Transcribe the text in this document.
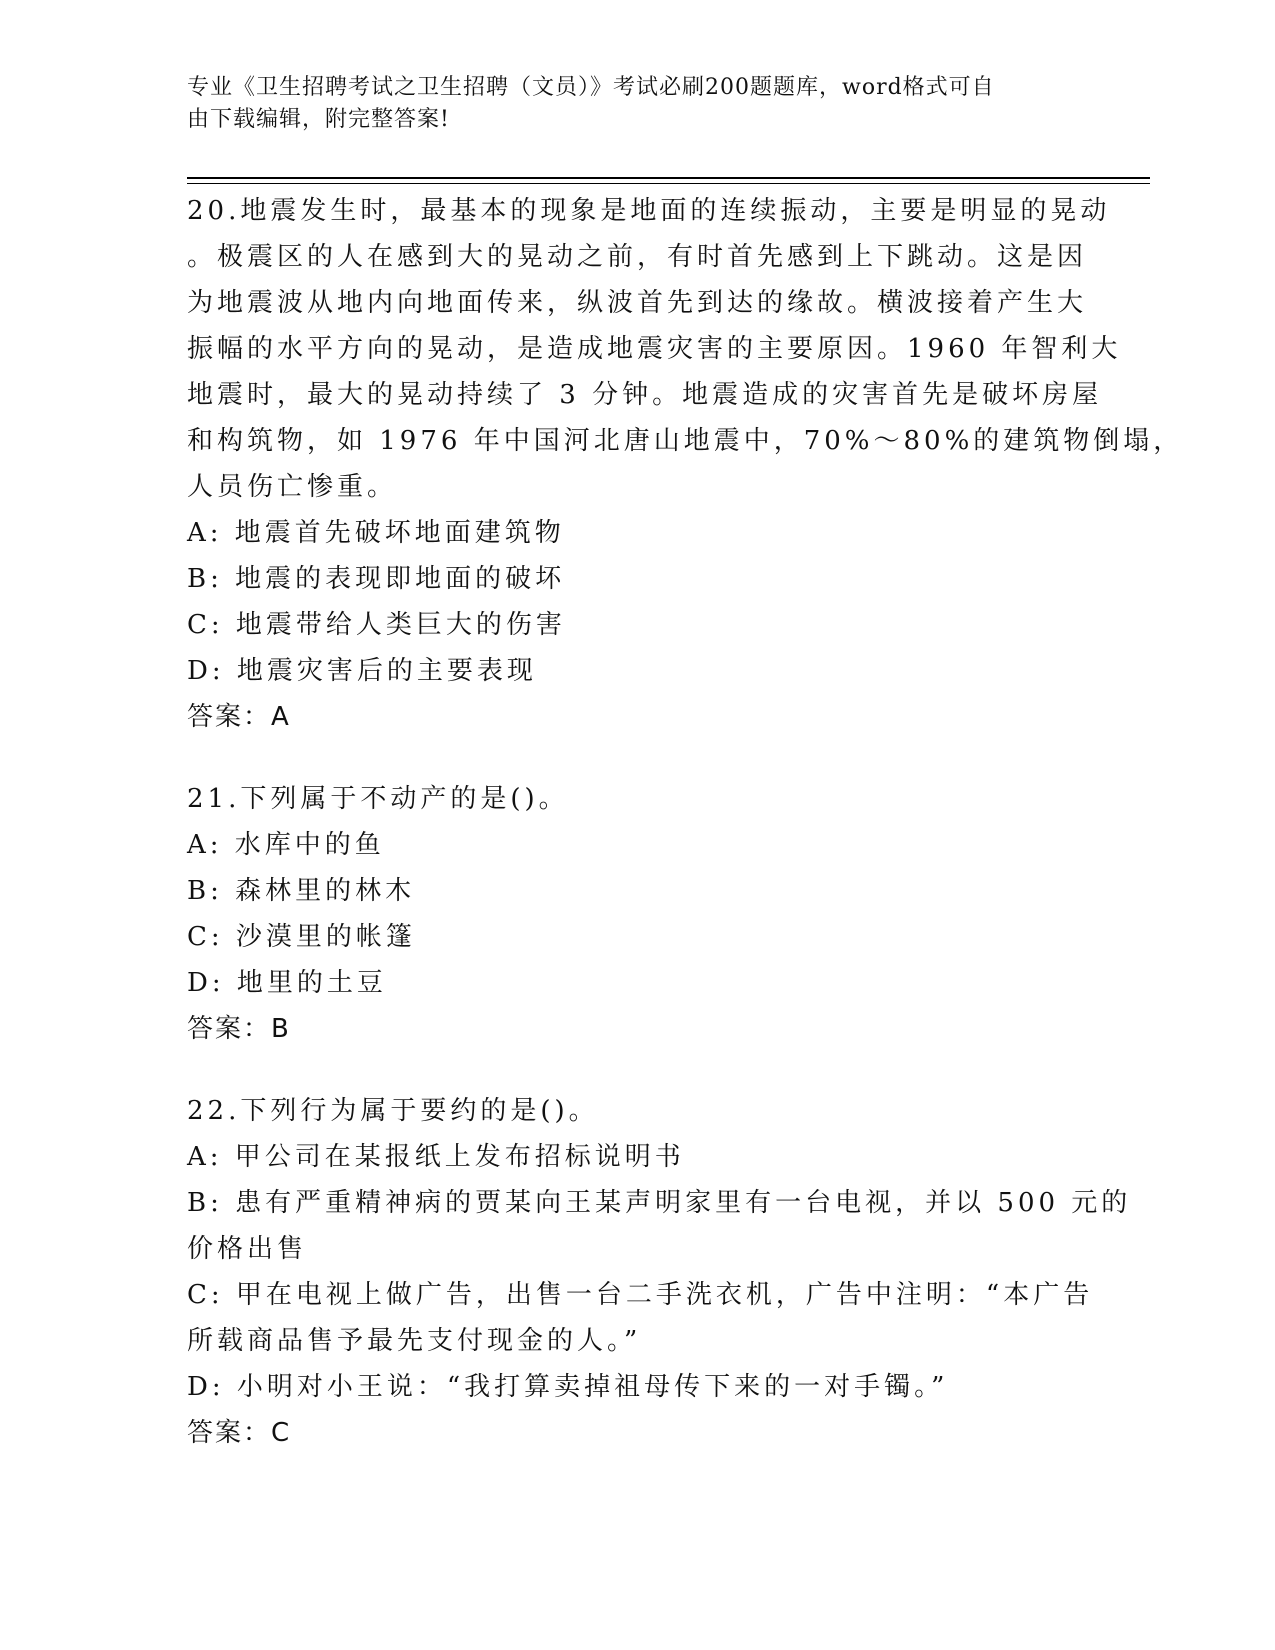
专业《卫生招聘考试之卫生招聘（文员）》考试必刷200题题库，word格式可自
由下载编辑，附完整答案!
20.地震发生时，最基本的现象是地面的连续振动，主要是明显的晃动
。极震区的人在感到大的晃动之前，有时首先感到上下跳动。这是因
为地震波从地内向地面传来，纵波首先到达的缘故。横波接着产生大
振幅的水平方向的晃动，是造成地震灾害的主要原因。1960 年智利大
地震时，最大的晃动持续了 3 分钟。地震造成的灾害首先是破坏房屋
和构筑物，如 1976 年中国河北唐山地震中，70%～80%的建筑物倒塌，
人员伤亡惨重。
A: 地震首先破坏地面建筑物
B: 地震的表现即地面的破坏
C: 地震带给人类巨大的伤害
D: 地震灾害后的主要表现
答案：A
21.下列属于不动产的是()。
A: 水库中的鱼
B: 森林里的林木
C: 沙漠里的帐篷
D: 地里的土豆
答案：B
22.下列行为属于要约的是()。
A: 甲公司在某报纸上发布招标说明书
B: 患有严重精神病的贾某向王某声明家里有一台电视，并以 500 元的
价格出售
C: 甲在电视上做广告，出售一台二手洗衣机，广告中注明：“本广告
所载商品售予最先支付现金的人。”
D: 小明对小王说：“我打算卖掉祖母传下来的一对手镯。”
答案：C
